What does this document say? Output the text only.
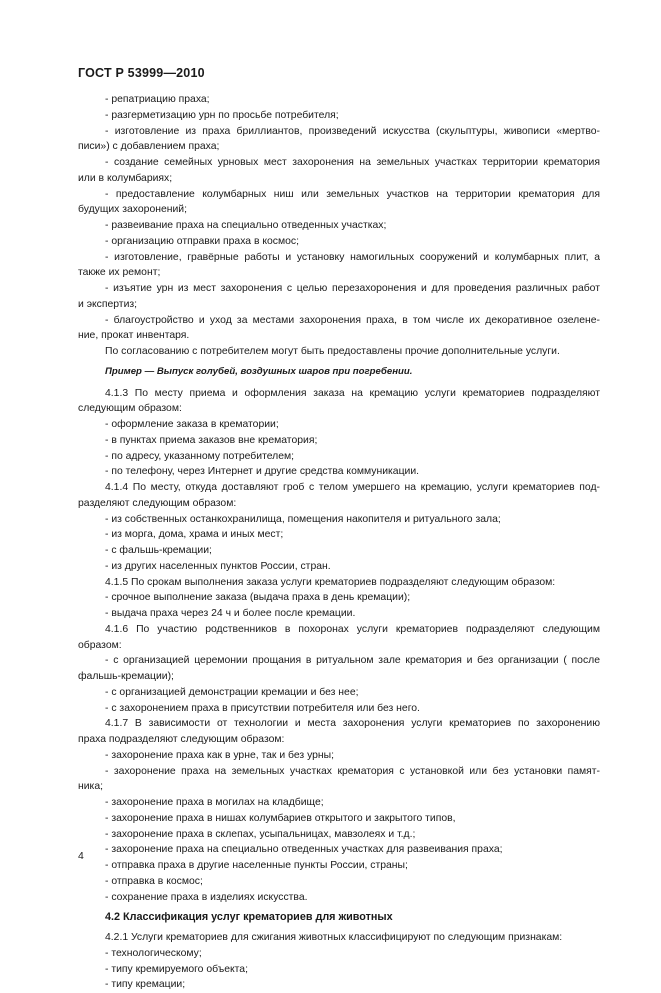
ГОСТ Р 53999—2010
- репатриацию праха;
- разгерметизацию урн по просьбе потребителя;
- изготовление из праха бриллиантов, произведений искусства (скульптуры, живописи «мертво-
писи») с добавлением праха;
- создание семейных урновых мест захоронения на земельных участках территории крематория
или в колумбариях;
- предоставление колумбарных ниш или земельных участков на территории крематория для
будущих захоронений;
- развеивание праха на специально отведенных участках;
- организацию отправки праха в космос;
- изготовление, гравёрные работы и установку намогильных сооружений и колумбарных плит, а
также их ремонт;
- изъятие урн из мест захоронения с целью перезахоронения и для проведения различных работ
и экспертиз;
- благоустройство и уход за местами захоронения праха, в том числе их декоративное озелене-
ние, прокат инвентаря.
По согласованию с потребителем могут быть предоставлены прочие дополнительные услуги.
Пример — Выпуск голубей, воздушных шаров при погребении.
4.1.3 По месту приема и оформления заказа на кремацию услуги крематориев подразделяют
следующим образом:
- оформление заказа в крематории;
- в пунктах приема заказов вне крематория;
- по адресу, указанному потребителем;
- по телефону, через Интернет и другие средства коммуникации.
4.1.4 По месту, откуда доставляют гроб с телом умершего на кремацию, услуги крематориев под-
разделяют следующим образом:
- из собственных останкохранилища, помещения накопителя и ритуального зала;
- из морга, дома, храма и иных мест;
- с фальшь-кремации;
- из других населенных пунктов России, стран.
4.1.5 По срокам выполнения заказа услуги крематориев подразделяют следующим образом:
- срочное выполнение заказа (выдача праха в день кремации);
- выдача праха через 24 ч и более после кремации.
4.1.6 По участию родственников в похоронах услуги крематориев подразделяют следующим
образом:
- с организацией церемонии прощания в ритуальном зале крематория и без организации ( после
фальшь-кремации);
- с организацией демонстрации кремации и без нее;
- с захоронением праха в присутствии потребителя или без него.
4.1.7 В зависимости от технологии и места захоронения услуги крематориев по захоронению
праха подразделяют следующим образом:
- захоронение праха как в урне, так и без урны;
- захоронение праха на земельных участках крематория с установкой или без установки памят-
ника;
- захоронение праха в могилах на кладбище;
- захоронение праха в нишах колумбариев открытого и закрытого типов,
- захоронение праха в склепах, усыпальницах, мавзолеях и т.д.;
- захоронение праха на специально отведенных участках для развеивания праха;
- отправка праха в другие населенные пункты России, страны;
- отправка в космос;
- сохранение праха в изделиях искусства.
4.2 Классификация услуг крематориев для животных
4.2.1 Услуги крематориев для сжигания животных классифицируют по следующим признакам:
- технологическому;
- типу кремируемого объекта;
- типу кремации;
4
